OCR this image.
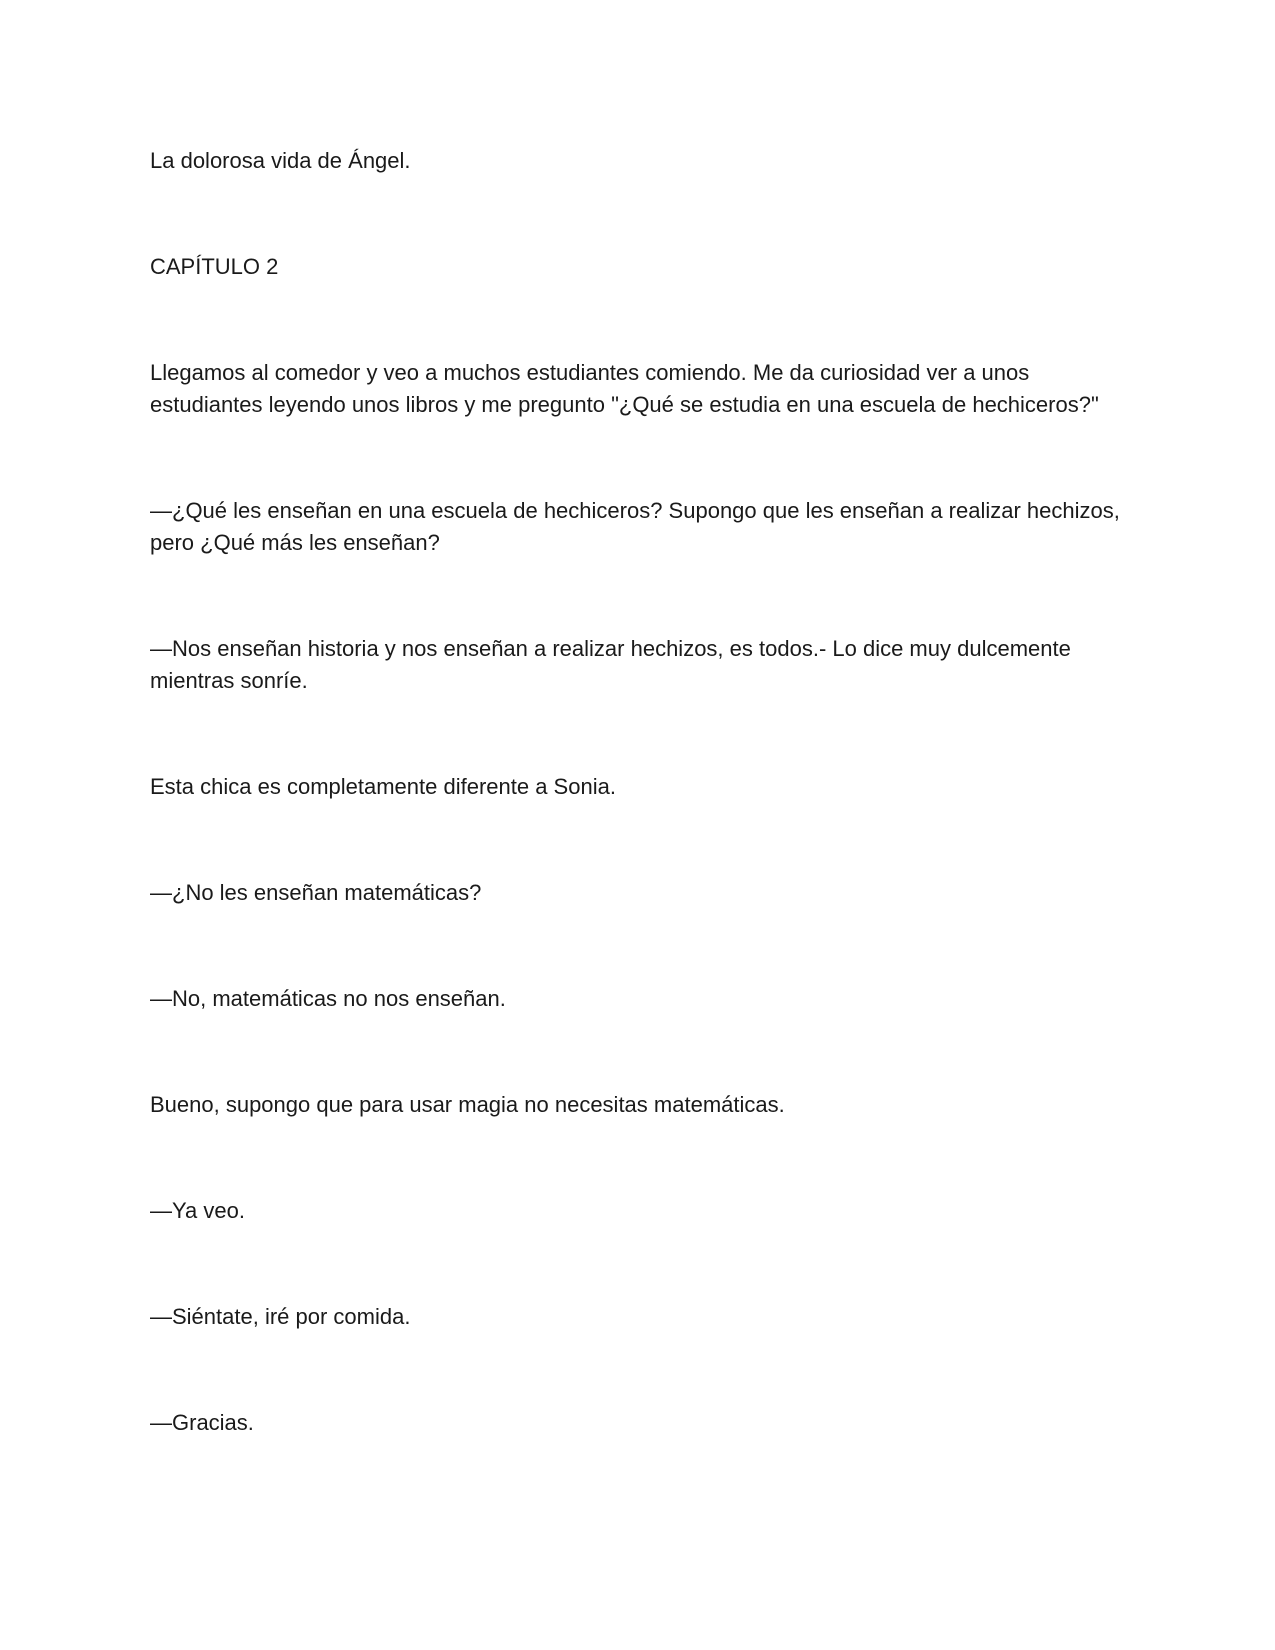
La dolorosa vida de Ángel.

CAPÍTULO 2

Llegamos al comedor y veo a muchos estudiantes comiendo. Me da curiosidad ver a unos estudiantes leyendo unos libros y me pregunto "¿Qué se estudia en una escuela de hechiceros?"

—¿Qué les enseñan en una escuela de hechiceros? Supongo que les enseñan a realizar hechizos, pero ¿Qué más les enseñan?

—Nos enseñan historia y nos enseñan a realizar hechizos, es todos.- Lo dice muy dulcemente mientras sonríe.

Esta chica es completamente diferente a Sonia.

—¿No les enseñan matemáticas?

—No, matemáticas no nos enseñan.

Bueno, supongo que para usar magia no necesitas matemáticas.

—Ya veo.

—Siéntate, iré por comida.

—Gracias.
